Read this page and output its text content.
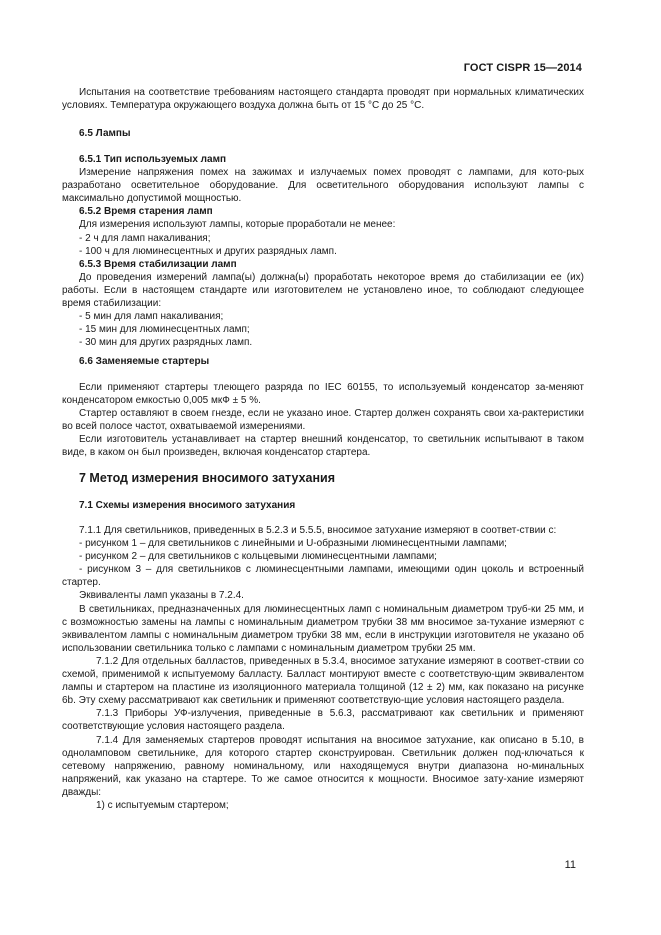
ГОСТ CISPR 15—2014

Испытания на соответствие требованиям настоящего стандарта проводят при нормальных климатических условиях. Температура окружающего воздуха должна быть от 15 °С до 25 °С.

6.5 Лампы

6.5.1 Тип используемых ламп

Измерение напряжения помех на зажимах и излучаемых помех проводят с лампами, для кото-рых разработано осветительное оборудование. Для осветительного оборудования используют лампы с максимально допустимой мощностью.

6.5.2 Время старения ламп

Для измерения используют лампы, которые проработали не менее:

- 2 ч для ламп накаливания;

- 100 ч для люминесцентных и других разрядных ламп.

6.5.3 Время стабилизации ламп

До проведения измерений лампа(ы) должна(ы) проработать некоторое время до стабилизации ее (их) работы. Если в настоящем стандарте или изготовителем не установлено иное, то соблюдают следующее время стабилизации:

- 5 мин для ламп накаливания;

- 15 мин для люминесцентных ламп;

- 30 мин для других разрядных ламп.

6.6 Заменяемые стартеры

Если применяют стартеры тлеющего разряда по IEC 60155, то используемый конденсатор за-меняют конденсатором емкостью 0,005 мкФ ± 5 %.

Стартер оставляют в своем гнезде, если не указано иное. Стартер должен сохранять свои ха-рактеристики во всей полосе частот, охватываемой измерениями.

Если изготовитель устанавливает на стартер внешний конденсатор, то светильник испытывают в таком виде, в каком он был произведен, включая конденсатор стартера.

7 Метод измерения вносимого затухания

7.1 Схемы измерения вносимого затухания

7.1.1 Для светильников, приведенных в 5.2.3 и 5.5.5, вносимое затухание измеряют в соответ-ствии с:

- рисунком 1 – для светильников с линейными и U-образными люминесцентными лампами;

- рисунком 2 – для светильников с кольцевыми люминесцентными лампами;

- рисунком 3 – для светильников с люминесцентными лампами, имеющими один цоколь и встроенный стартер.

Эквиваленты ламп указаны в 7.2.4.

В светильниках, предназначенных для люминесцентных ламп с номинальным диаметром труб-ки 25 мм, и с возможностью замены на лампы с номинальным диаметром трубки 38 мм вносимое за-тухание измеряют с эквивалентом лампы с номинальным диаметром трубки 38 мм, если в инструкции изготовителя не указано об использовании светильника только с лампами с номинальным диаметром трубки 25 мм.

7.1.2 Для отдельных балластов, приведенных в 5.3.4, вносимое затухание измеряют в соответ-ствии со схемой, применимой к испытуемому балласту. Балласт монтируют вместе с соответствую-щим эквивалентом лампы и стартером на пластине из изоляционного материала толщиной (12 ± 2) мм, как показано на рисунке 6b. Эту схему рассматривают как светильник и применяют соответствую-щие условия настоящего раздела.

7.1.3 Приборы УФ-излучения, приведенные в 5.6.3, рассматривают как светильник и применяют соответствующие условия настоящего раздела.

7.1.4 Для заменяемых стартеров проводят испытания на вносимое затухание, как описано в 5.10, в одноламповом светильнике, для которого стартер сконструирован. Светильник должен под-ключаться к сетевому напряжению, равному номинальному, или находящемуся внутри диапазона но-минальных напряжений, как указано на стартере. То же самое относится к мощности. Вносимое зату-хание измеряют дважды:

1) с испытуемым стартером;

11
